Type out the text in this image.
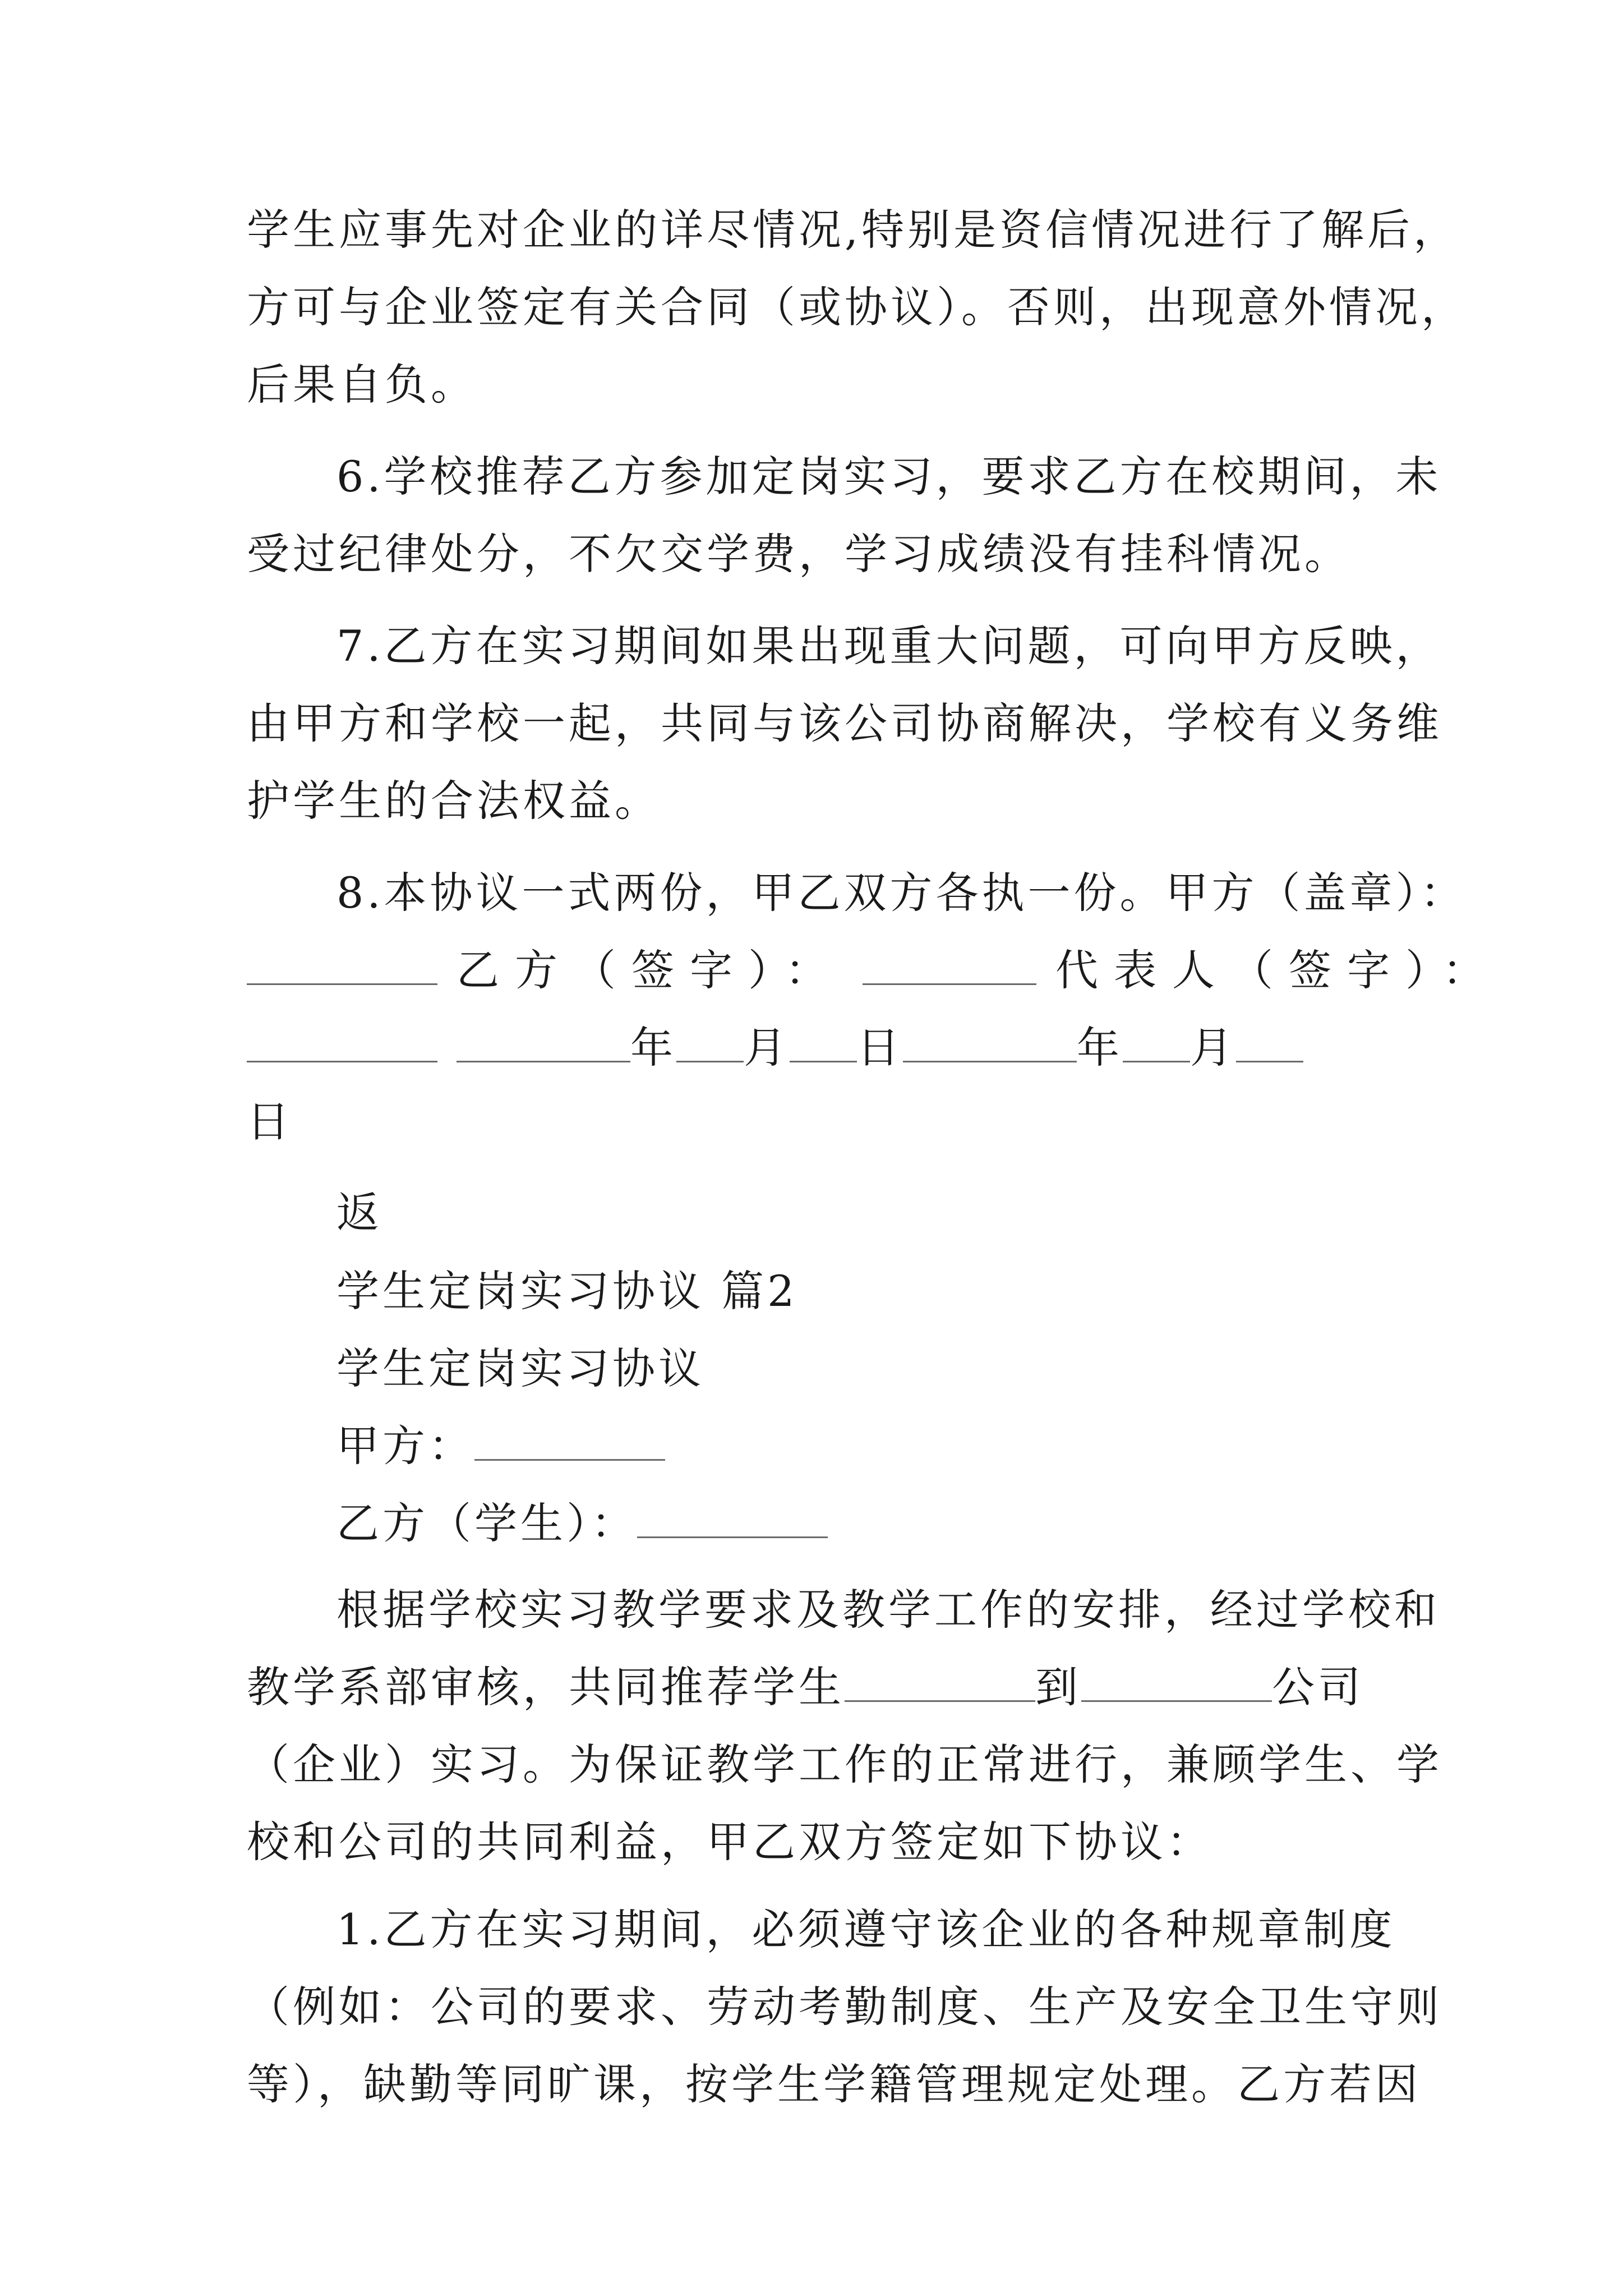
学生应事先对企业的详尽情况,特别是资信情况进行了解后，
方可与企业签定有关合同（或协议）。否则，出现意外情况，
后果自负。
6.学校推荐乙方参加定岗实习，要求乙方在校期间，未
受过纪律处分，不欠交学费，学习成绩没有挂科情况。
7.乙方在实习期间如果出现重大问题，可向甲方反映，
由甲方和学校一起，共同与该公司协商解决，学校有义务维
护学生的合法权益。
8.本协议一式两份，甲乙双方各执一份。甲方（盖章）：
乙方（签字）：	代表人（签字）：
年 月 日	年 月
日
返
学生定岗实习协议 篇2
学生定岗实习协议
甲方：
乙方（学生）：
根据学校实习教学要求及教学工作的安排，经过学校和
教学系部审核，共同推荐学生	到	公司
（企业）实习。为保证教学工作的正常进行，兼顾学生、学
校和公司的共同利益，甲乙双方签定如下协议：
1.乙方在实习期间，必须遵守该企业的各种规章制度
（例如：公司的要求、劳动考勤制度、生产及安全卫生守则
等），缺勤等同旷课，按学生学籍管理规定处理。乙方若因
